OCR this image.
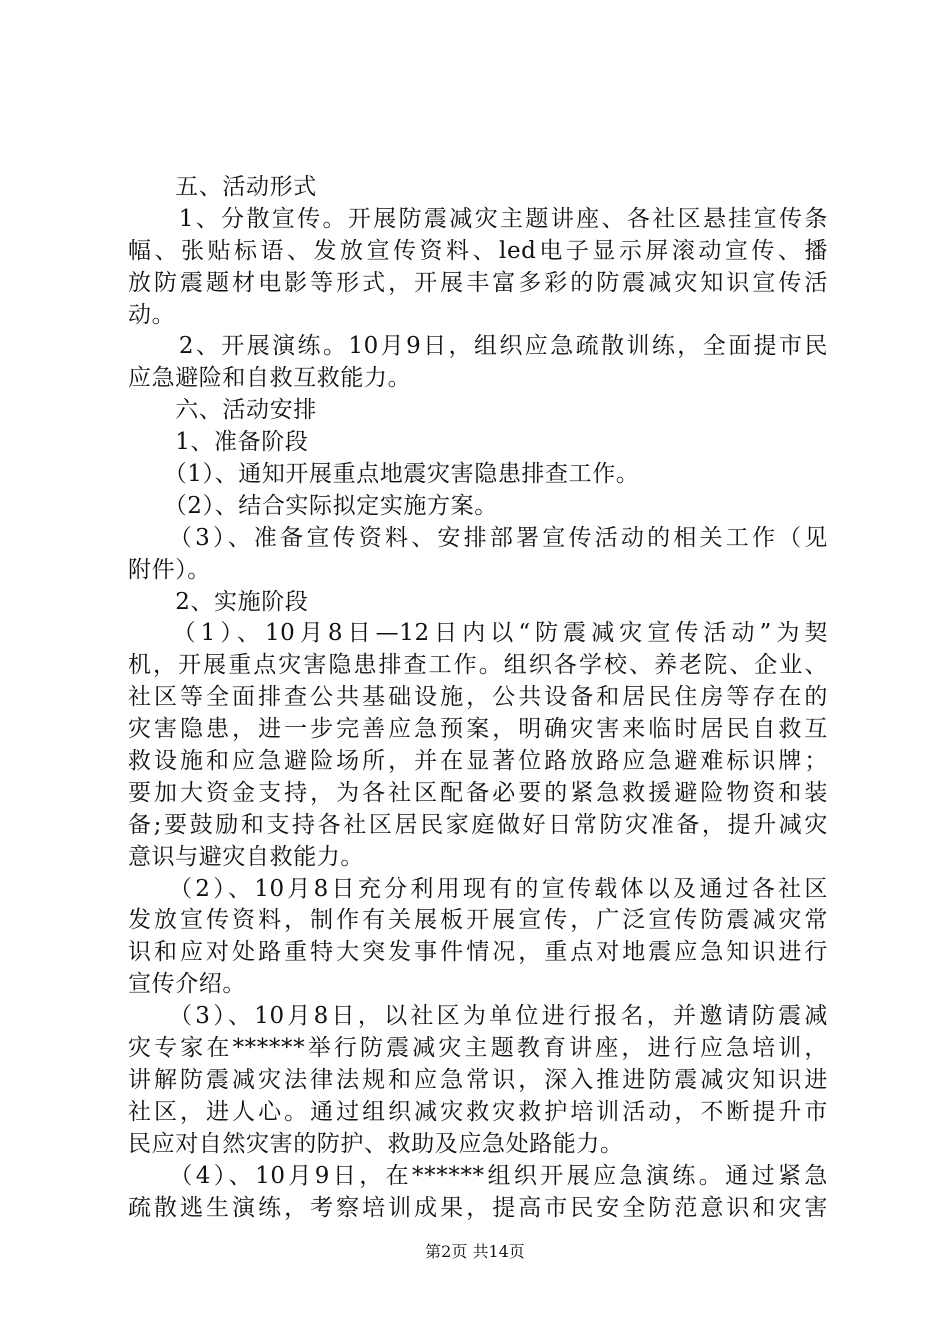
　　五、活动形式
　　1、分散宣传。开展防震减灾主题讲座、各社区悬挂宣传条
幅、张贴标语、发放宣传资料、led电子显示屏滚动宣传、播
放防震题材电影等形式，开展丰富多彩的防震减灾知识宣传活
动。
　　2、开展演练。10月9日，组织应急疏散训练，全面提市民
应急避险和自救互救能力。
　　六、活动安排
　　1、准备阶段
　　（1）、通知开展重点地震灾害隐患排查工作。
　　（2）、结合实际拟定实施方案。
　　（3）、准备宣传资料、安排部署宣传活动的相关工作（见
附件）。
　　2、实施阶段
　　（1）、10月8日—12日内以“防震减灾宣传活动”为契
机，开展重点灾害隐患排查工作。组织各学校、养老院、企业、
社区等全面排查公共基础设施，公共设备和居民住房等存在的
灾害隐患，进一步完善应急预案，明确灾害来临时居民自救互
救设施和应急避险场所，并在显著位路放路应急避难标识牌；
要加大资金支持，为各社区配备必要的紧急救援避险物资和装
备;要鼓励和支持各社区居民家庭做好日常防灾准备，提升减灾
意识与避灾自救能力。
　　（2）、10月8日充分利用现有的宣传载体以及通过各社区
发放宣传资料，制作有关展板开展宣传，广泛宣传防震减灾常
识和应对处路重特大突发事件情况，重点对地震应急知识进行
宣传介绍。
　　（3）、10月8日，以社区为单位进行报名，并邀请防震减
灾专家在******举行防震减灾主题教育讲座，进行应急培训，
讲解防震减灾法律法规和应急常识，深入推进防震减灾知识进
社区，进人心。通过组织减灾救灾救护培训活动，不断提升市
民应对自然灾害的防护、救助及应急处路能力。
　　（4）、10月9日，在******组织开展应急演练。通过紧急
疏散逃生演练，考察培训成果，提高市民安全防范意识和灾害
第2页 共14页
